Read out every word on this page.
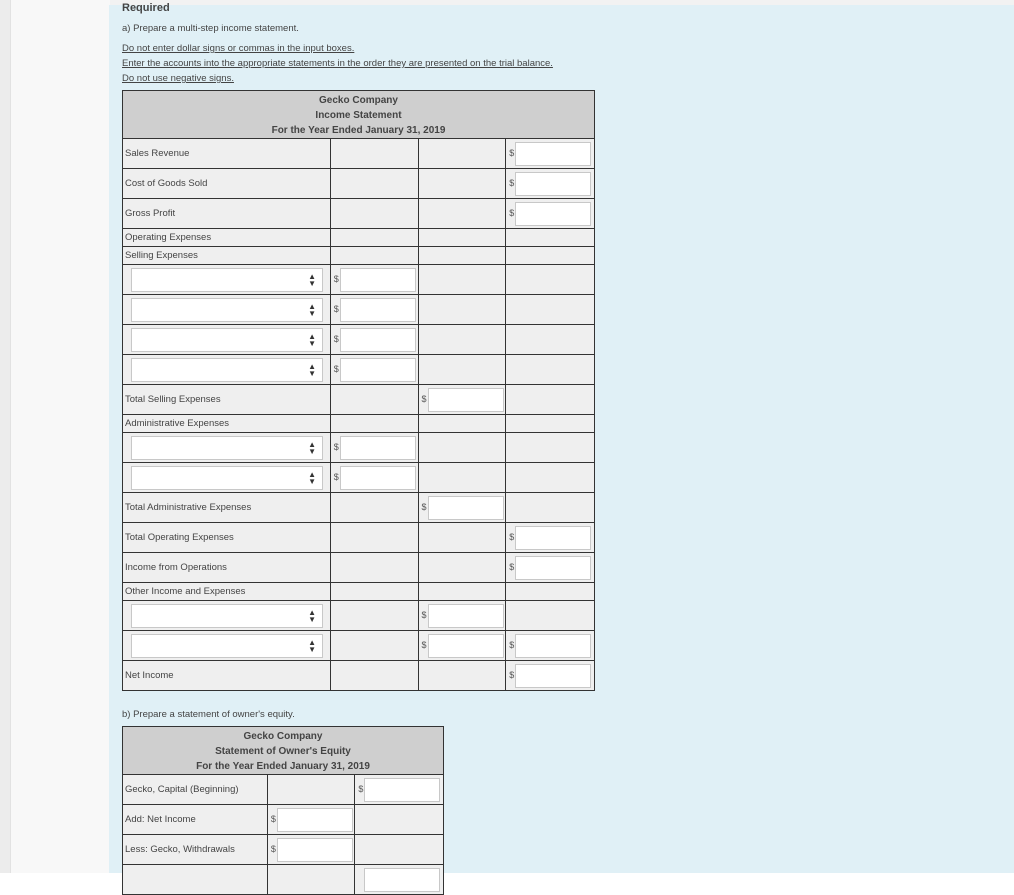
Required
a) Prepare a multi-step income statement.
Do not enter dollar signs or commas in the input boxes.
Enter the accounts into the appropriate statements in the order they are presented on the trial balance.
Do not use negative signs.
Gecko Company
Income Statement
For the Year Ended January 31, 2019			

Sales Revenue			$

Cost of Goods Sold			$

Gross Profit			$

Operating Expenses			
Selling Expenses			

▲
▼	$		

▲
▼	$		

▲
▼	$		

▲
▼	$		

Total Selling Expenses		$	

Administrative Expenses			

▲
▼	$		

▲
▼	$		

Total Administrative Expenses		$	

Total Operating Expenses			$

Income from Operations			$

Other Income and Expenses			

▲
▼		$	

▲
▼		$	$

Net Income			$
b) Prepare a statement of owner's equity.
Gecko Company
Statement of Owner's Equity
For the Year Ended January 31, 2019		

Gecko, Capital (Beginning)		$

Add: Net Income	$	

Less: Gecko, Withdrawals	$	
